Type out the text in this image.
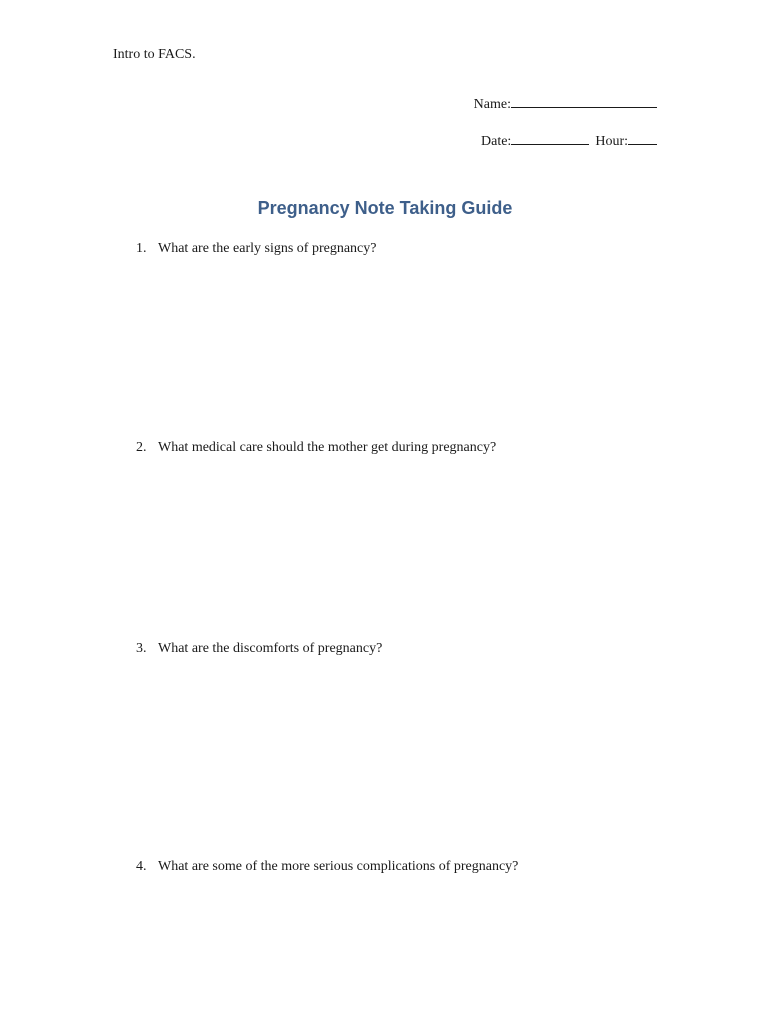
Intro to FACS.
Name:
Date:	Hour:
Pregnancy Note Taking Guide
1. What are the early signs of pregnancy?
2. What medical care should the mother get during pregnancy?
3. What are the discomforts of pregnancy?
4. What are some of the more serious complications of pregnancy?
